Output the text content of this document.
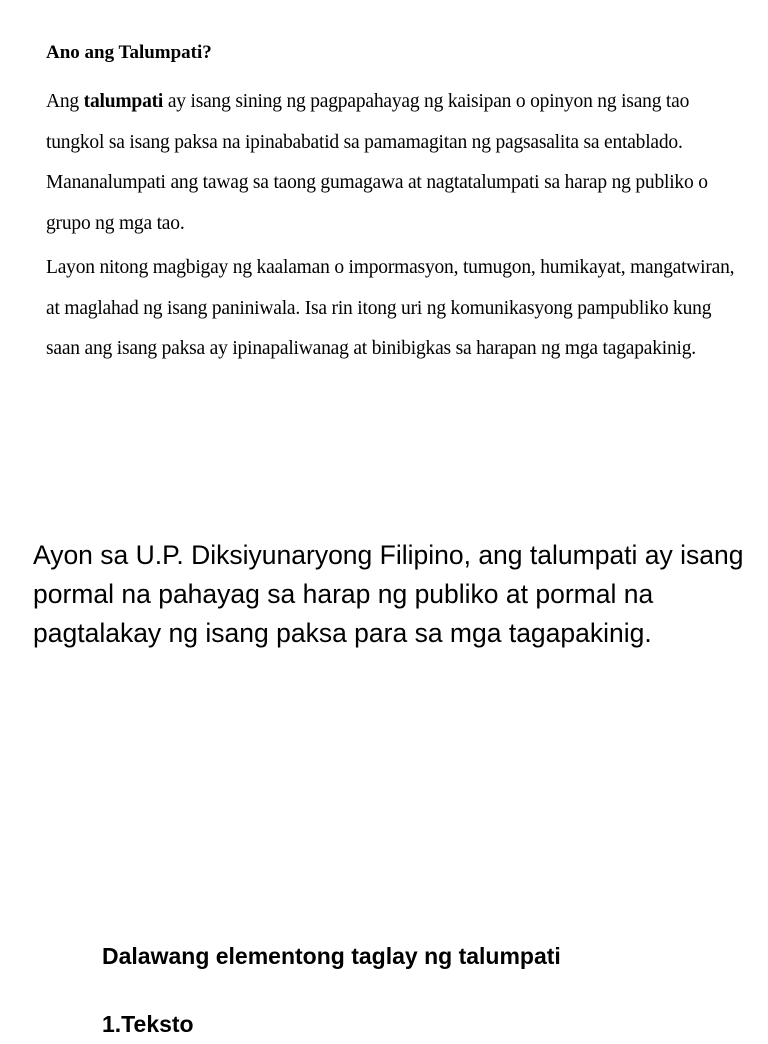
Ano ang Talumpati?

Ang talumpati ay isang sining ng pagpapahayag ng kaisipan o opinyon ng isang tao tungkol sa isang paksa na ipinababatid sa pamamagitan ng pagsasalita sa entablado. Mananalumpati ang tawag sa taong gumagawa at nagtatalumpati sa harap ng publiko o grupo ng mga tao.

Layon nitong magbigay ng kaalaman o impormasyon, tumugon, humikayat, mangatwiran, at maglahad ng isang paniniwala. Isa rin itong uri ng komunikasyong pampubliko kung saan ang isang paksa ay ipinapaliwanag at binibigkas sa harapan ng mga tagapakinig.

Ayon sa U.P. Diksiyunaryong Filipino, ang talumpati ay isang pormal na pahayag sa harap ng publiko at pormal na pagtalakay ng isang paksa para sa mga tagapakinig.

Dalawang elementong taglay ng talumpati

1.Teksto
